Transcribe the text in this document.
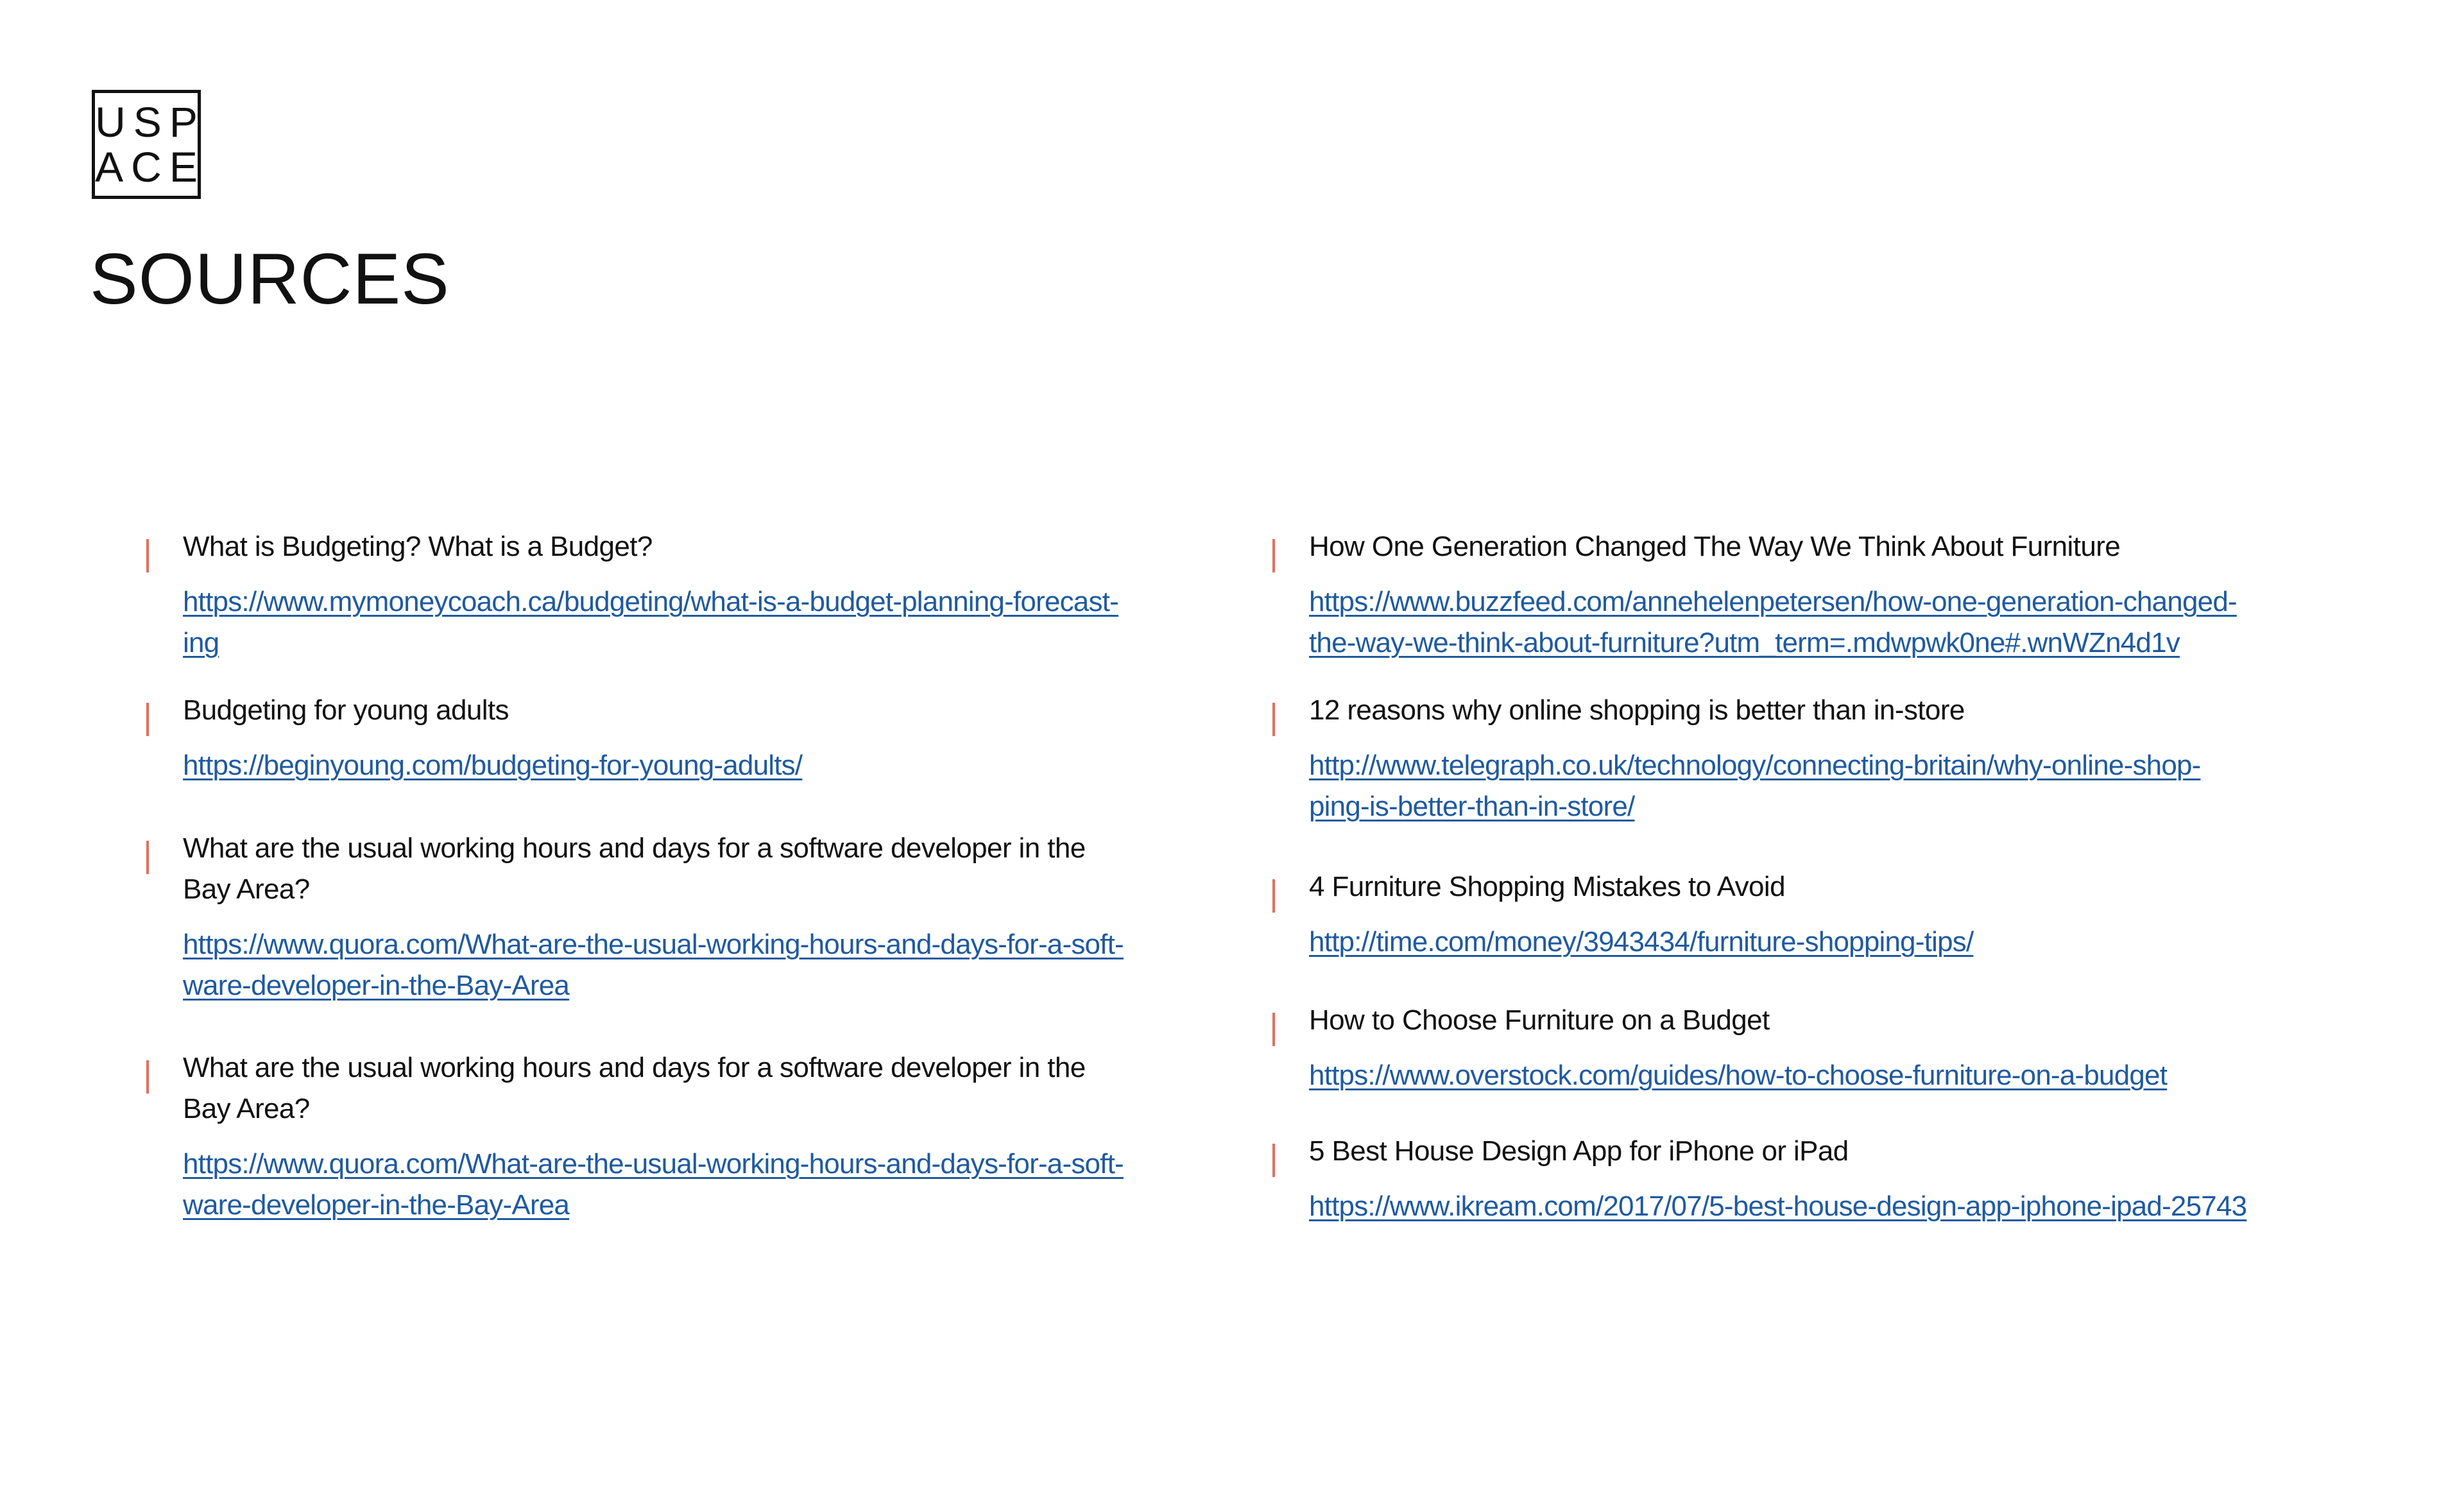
USP
ACE
SOURCES

What is Budgeting? What is a Budget?

https://www.mymoneycoach.ca/budgeting/what-is-a-budget-planning-forecast-
ing

Budgeting for young adults

https://beginyoung.com/budgeting-for-young-adults/

What are the usual working hours and days for a software developer in the
Bay Area?

https://www.quora.com/What-are-the-usual-working-hours-and-days-for-a-soft-
ware-developer-in-the-Bay-Area

What are the usual working hours and days for a software developer in the
Bay Area?

https://www.quora.com/What-are-the-usual-working-hours-and-days-for-a-soft-
ware-developer-in-the-Bay-Area

How One Generation Changed The Way We Think About Furniture

https://www.buzzfeed.com/annehelenpetersen/how-one-generation-changed-
the-way-we-think-about-furniture?utm_term=.mdwpwk0ne#.wnWZn4d1v

12 reasons why online shopping is better than in-store

http://www.telegraph.co.uk/technology/connecting-britain/why-online-shop-
ping-is-better-than-in-store/

4 Furniture Shopping Mistakes to Avoid

http://time.com/money/3943434/furniture-shopping-tips/

How to Choose Furniture on a Budget

https://www.overstock.com/guides/how-to-choose-furniture-on-a-budget

5 Best House Design App for iPhone or iPad

https://www.ikream.com/2017/07/5-best-house-design-app-iphone-ipad-25743
